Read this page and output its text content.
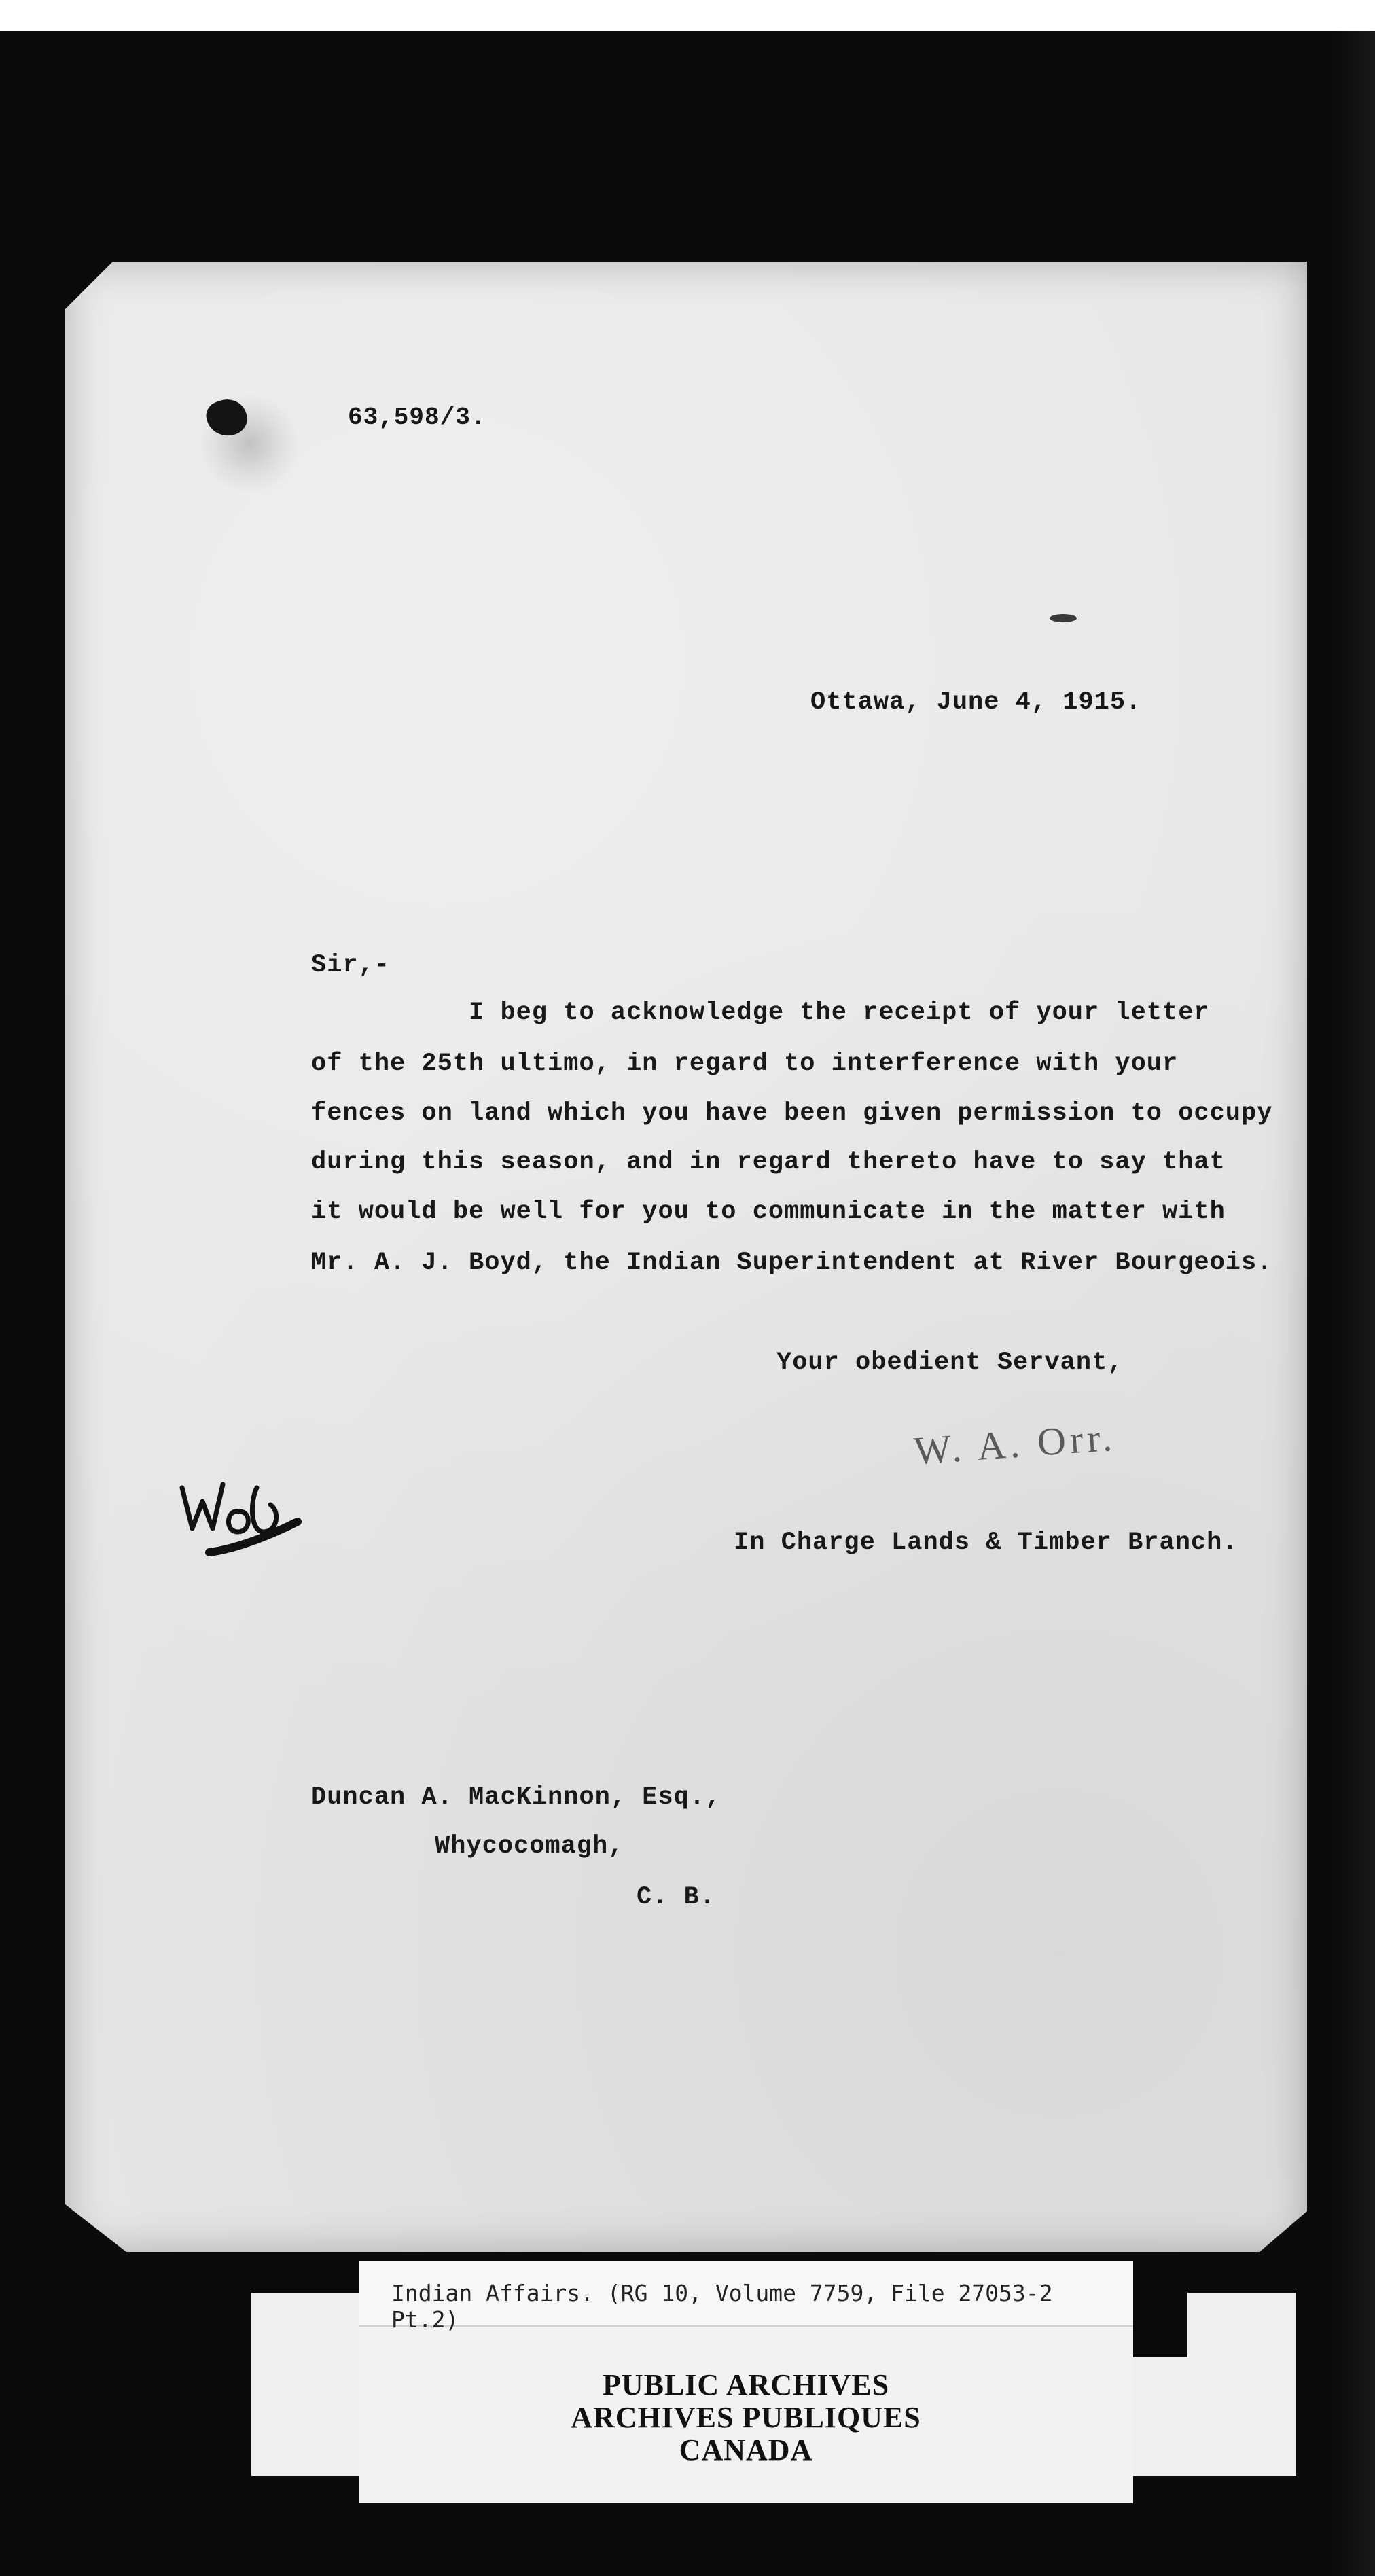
63,598/3.
Ottawa, June 4, 1915.
Sir,-
I beg to acknowledge the receipt of your letter
of the 25th ultimo, in regard to interference with your
fences on land which you have been given permission to occupy
during this season, and in regard thereto have to say that
it would be well for you to communicate in the matter with
Mr. A. J. Boyd, the Indian Superintendent at River Bourgeois.
Your obedient Servant,
W. A. Orr.
In Charge Lands & Timber Branch.
Duncan A. MacKinnon, Esq.,
Whycocomagh,
C. B.
Indian Affairs. (RG 10, Volume 7759, File 27053-2 Pt.2)
PUBLIC ARCHIVES
ARCHIVES PUBLIQUES
CANADA
